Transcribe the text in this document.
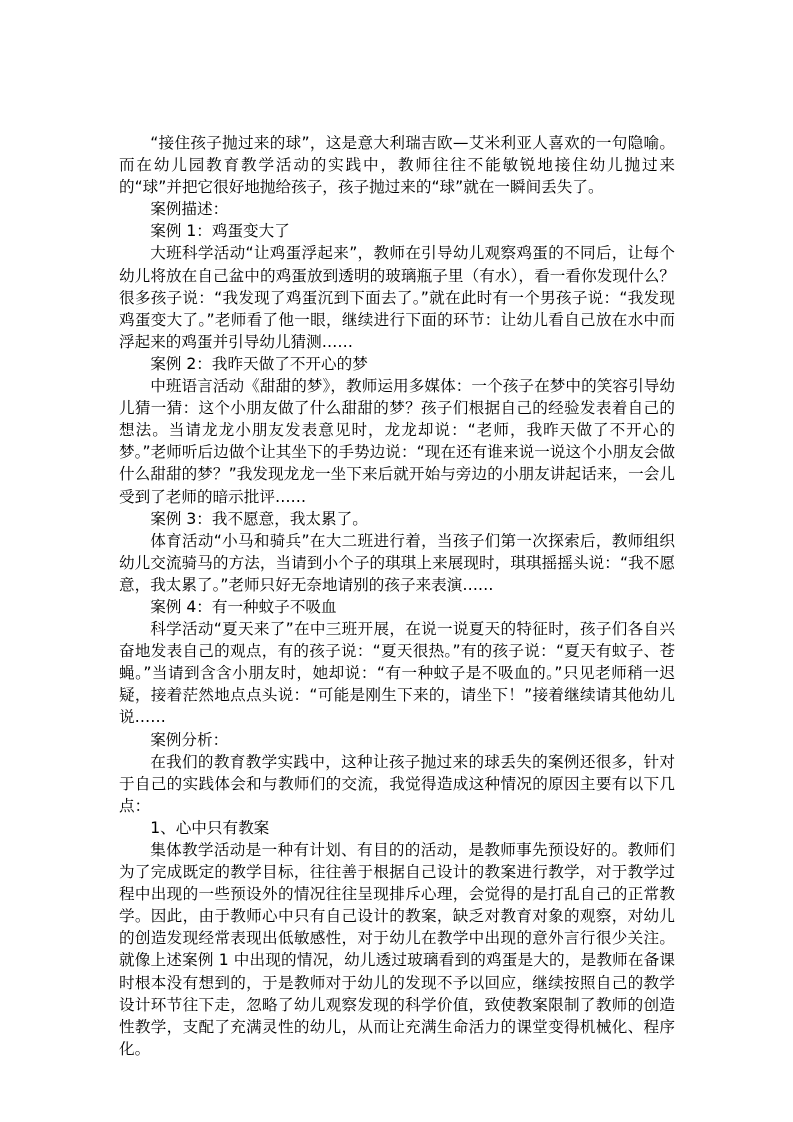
“接住孩子抛过来的球”，这是意大利瑞吉欧—艾米利亚人喜欢的一句隐喻。而在幼儿园教育教学活动的实践中，教师往往不能敏锐地接住幼儿抛过来的“球”并把它很好地抛给孩子，孩子抛过来的“球”就在一瞬间丢失了。

案例描述：

案例 1：鸡蛋变大了

大班科学活动“让鸡蛋浮起来”，教师在引导幼儿观察鸡蛋的不同后，让每个幼儿将放在自己盆中的鸡蛋放到透明的玻璃瓶子里（有水），看一看你发现什么？很多孩子说：“我发现了鸡蛋沉到下面去了。”就在此时有一个男孩子说：“我发现鸡蛋变大了。”老师看了他一眼，继续进行下面的环节：让幼儿看自己放在水中而浮起来的鸡蛋并引导幼儿猜测……

案例 2：我昨天做了不开心的梦

中班语言活动《甜甜的梦》，教师运用多媒体：一个孩子在梦中的笑容引导幼儿猜一猜：这个小朋友做了什么甜甜的梦？孩子们根据自己的经验发表着自己的想法。当请龙龙小朋友发表意见时，龙龙却说：“老师，我昨天做了不开心的梦。”老师听后边做个让其坐下的手势边说：“现在还有谁来说一说这个小朋友会做什么甜甜的梦？”我发现龙龙一坐下来后就开始与旁边的小朋友讲起话来，一会儿受到了老师的暗示批评……

案例 3：我不愿意，我太累了。

体育活动“小马和骑兵”在大二班进行着，当孩子们第一次探索后，教师组织幼儿交流骑马的方法，当请到小个子的琪琪上来展现时，琪琪摇摇头说：“我不愿意，我太累了。”老师只好无奈地请别的孩子来表演……

案例 4：有一种蚊子不吸血

科学活动“夏天来了”在中三班开展，在说一说夏天的特征时，孩子们各自兴奋地发表自己的观点，有的孩子说：“夏天很热。”有的孩子说：“夏天有蚊子、苍蝇。”当请到含含小朋友时，她却说：“有一种蚊子是不吸血的。”只见老师稍一迟疑，接着茫然地点点头说：“可能是刚生下来的，请坐下！”接着继续请其他幼儿说……

案例分析：

在我们的教育教学实践中，这种让孩子抛过来的球丢失的案例还很多，针对于自己的实践体会和与教师们的交流，我觉得造成这种情况的原因主要有以下几点：

1、心中只有教案

集体教学活动是一种有计划、有目的的活动，是教师事先预设好的。教师们为了完成既定的教学目标，往往善于根据自己设计的教案进行教学，对于教学过程中出现的一些预设外的情况往往呈现排斥心理，会觉得的是打乱自己的正常教学。因此，由于教师心中只有自己设计的教案，缺乏对教育对象的观察，对幼儿的创造发现经常表现出低敏感性，对于幼儿在教学中出现的意外言行很少关注。就像上述案例 1 中出现的情况，幼儿透过玻璃看到的鸡蛋是大的，是教师在备课时根本没有想到的，于是教师对于幼儿的发现不予以回应，继续按照自己的教学设计环节往下走，忽略了幼儿观察发现的科学价值，致使教案限制了教师的创造性教学，支配了充满灵性的幼儿，从而让充满生命活力的课堂变得机械化、程序化。
